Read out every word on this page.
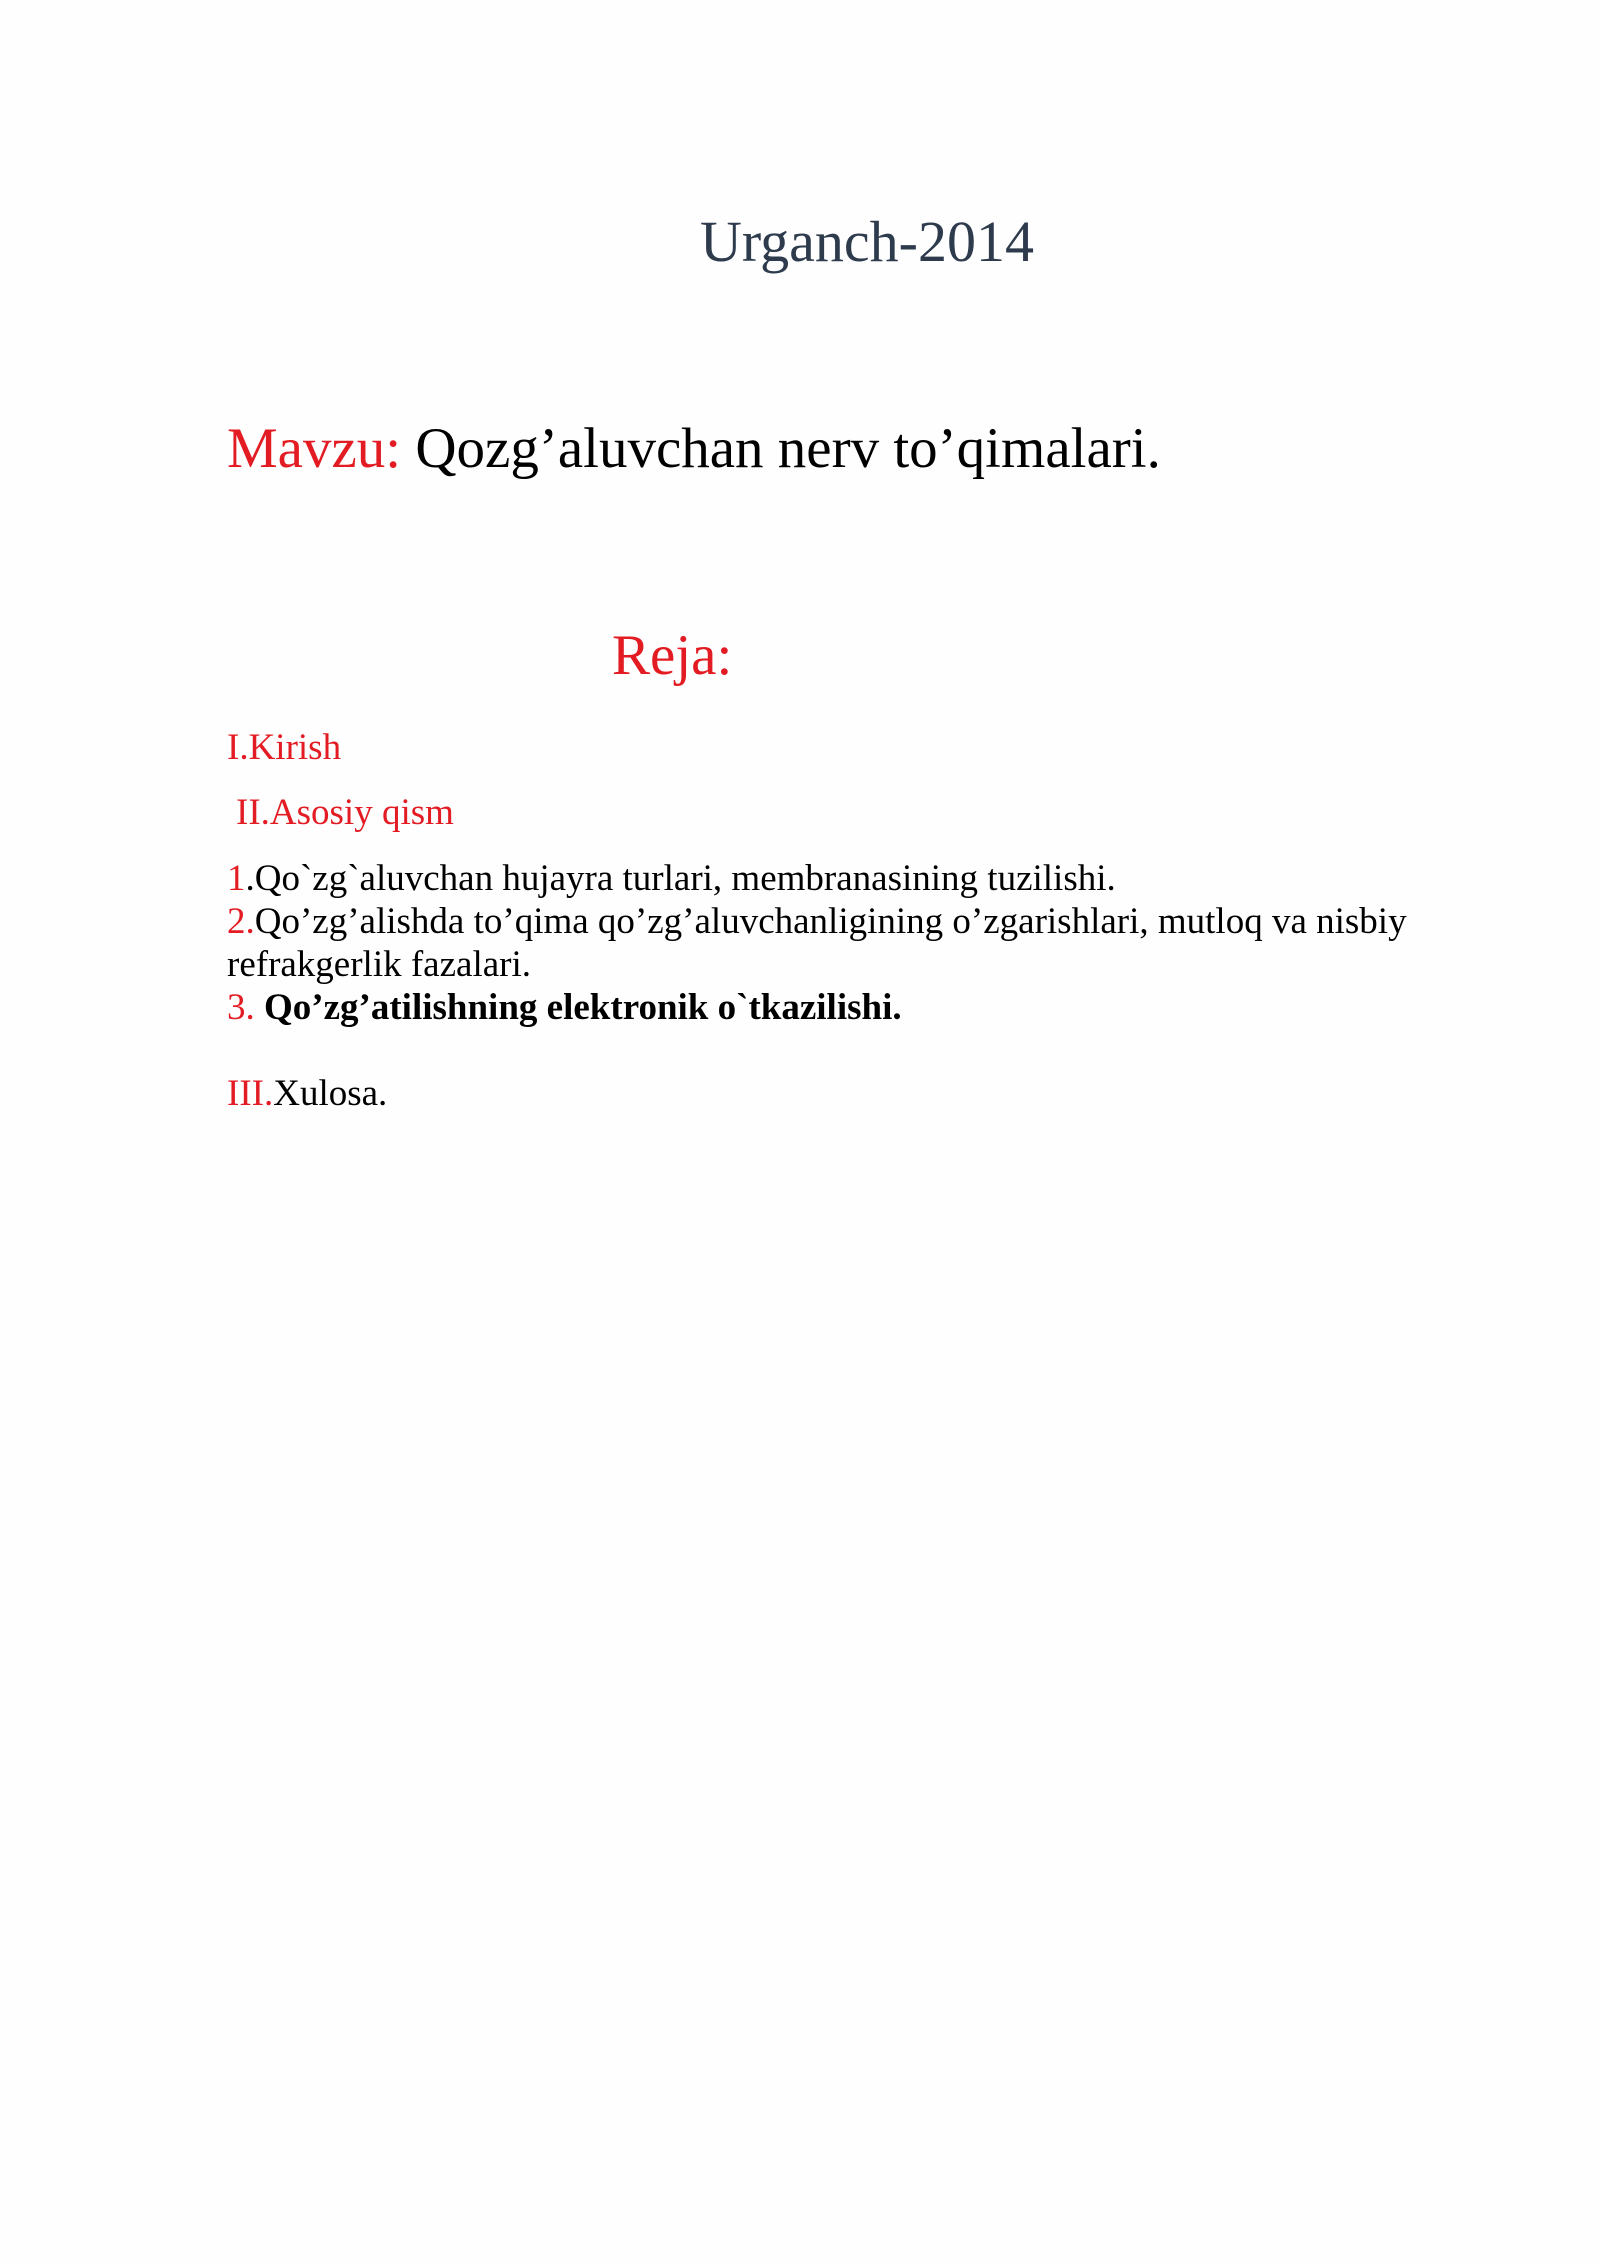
Urganch-2014
Mavzu: Qozg’aluvchan nerv to’qimalari.
Reja:
I.Kirish
II.Asosiy qism
1.Qo`zg`aluvchan hujayra turlari, membranasining tuzilishi.
2.Qo’zg’alishda to’qima qo’zg’aluvchanligining o’zgarishlari, mutloq va nisbiy
refrakgerlik fazalari.
3. Qo’zg’atilishning elektronik o`tkazilishi.
III.Xulosa.
